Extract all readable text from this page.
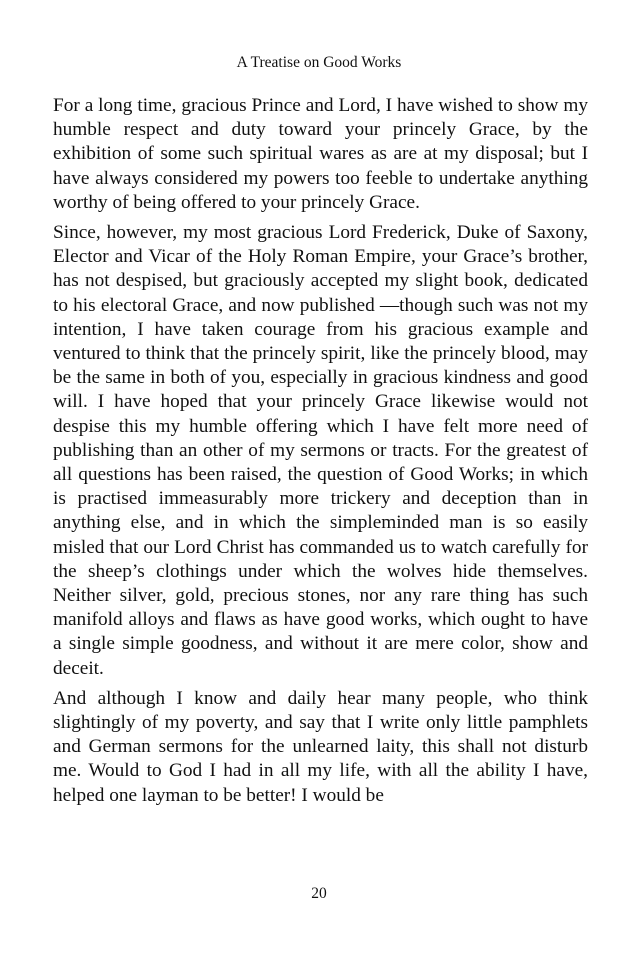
A Treatise on Good Works

For a long time, gracious Prince and Lord, I have wished to show my humble respect and duty toward your princely Grace, by the exhibition of some such spiritual wares as are at my disposal; but I have always considered my powers too feeble to undertake anything worthy of being offered to your princely Grace.

Since, however, my most gracious Lord Frederick, Duke of Saxony, Elector and Vicar of the Holy Roman Empire, your Grace’s brother, has not despised, but graciously accepted my slight book, dedicated to his electoral Grace, and now published —though such was not my intention, I have taken courage from his gracious example and ventured to think that the princely spirit, like the princely blood, may be the same in both of you, especially in gracious kindness and good will. I have hoped that your princely Grace likewise would not despise this my humble offering which I have felt more need of publishing than an other of my sermons or tracts. For the greatest of all questions has been raised, the question of Good Works; in which is practised immeasurably more trickery and deception than in anything else, and in which the simpleminded man is so easily misled that our Lord Christ has commanded us to watch carefully for the sheep’s clothings under which the wolves hide themselves. Neither silver, gold, precious stones, nor any rare thing has such manifold alloys and flaws as have good works, which ought to have a single simple goodness, and without it are mere color, show and deceit.

And although I know and daily hear many people, who think slightingly of my poverty, and say that I write only little pamphlets and German sermons for the unlearned laity, this shall not disturb me. Would to God I had in all my life, with all the ability I have, helped one layman to be better! I would be

20
